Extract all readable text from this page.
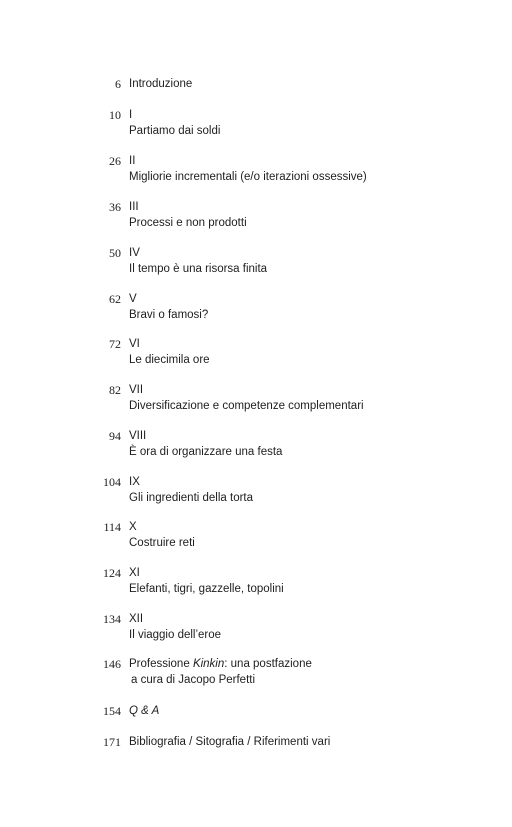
6 Introduzione
10 I
Partiamo dai soldi
26 II
Migliorie incrementali (e/o iterazioni ossessive)
36 III
Processi e non prodotti
50 IV
Il tempo è una risorsa finita
62 V
Bravi o famosi?
72 VI
Le diecimila ore
82 VII
Diversificazione e competenze complementari
94 VIII
È ora di organizzare una festa
104 IX
Gli ingredienti della torta
114 X
Costruire reti
124 XI
Elefanti, tigri, gazzelle, topolini
134 XII
Il viaggio dell’eroe
146 Professione Kinkin: una postfazione
a cura di Jacopo Perfetti
154 Q & A
171 Bibliografia / Sitografia / Riferimenti vari
